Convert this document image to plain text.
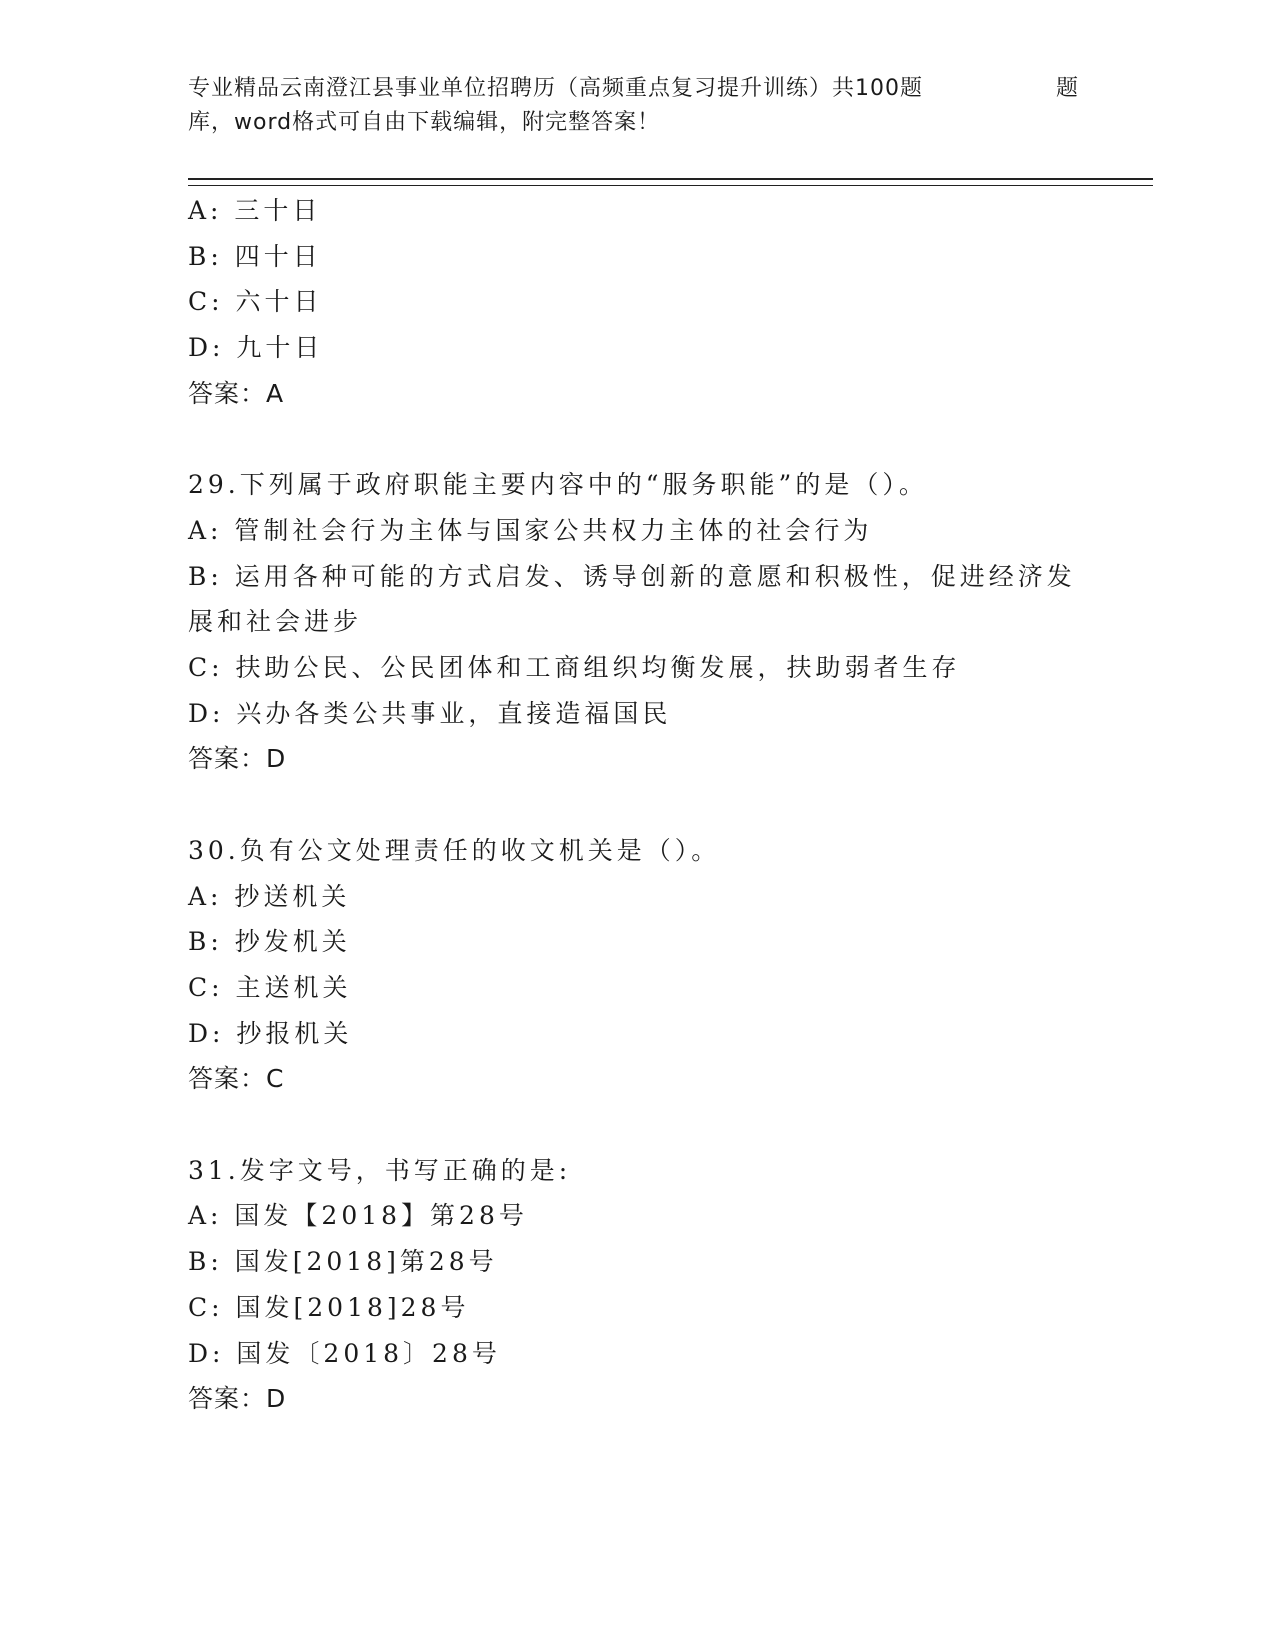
专业精品云南澄江县事业单位招聘历（高频重点复习提升训练）共100题	题
库，word格式可自由下载编辑，附完整答案！
A: 三十日
B: 四十日
C: 六十日
D: 九十日
答案：A
29.下列属于政府职能主要内容中的“服务职能”的是（）。
A: 管制社会行为主体与国家公共权力主体的社会行为
B: 运用各种可能的方式启发、诱导创新的意愿和积极性，促进经济发展和社会进步
C: 扶助公民、公民团体和工商组织均衡发展，扶助弱者生存
D: 兴办各类公共事业，直接造福国民
答案：D
30.负有公文处理责任的收文机关是（）。
A: 抄送机关
B: 抄发机关
C: 主送机关
D: 抄报机关
答案：C
31.发字文号，书写正确的是:
A: 国发【2018】第28号
B: 国发[2018]第28号
C: 国发[2018]28号
D: 国发〔2018〕28号
答案：D
